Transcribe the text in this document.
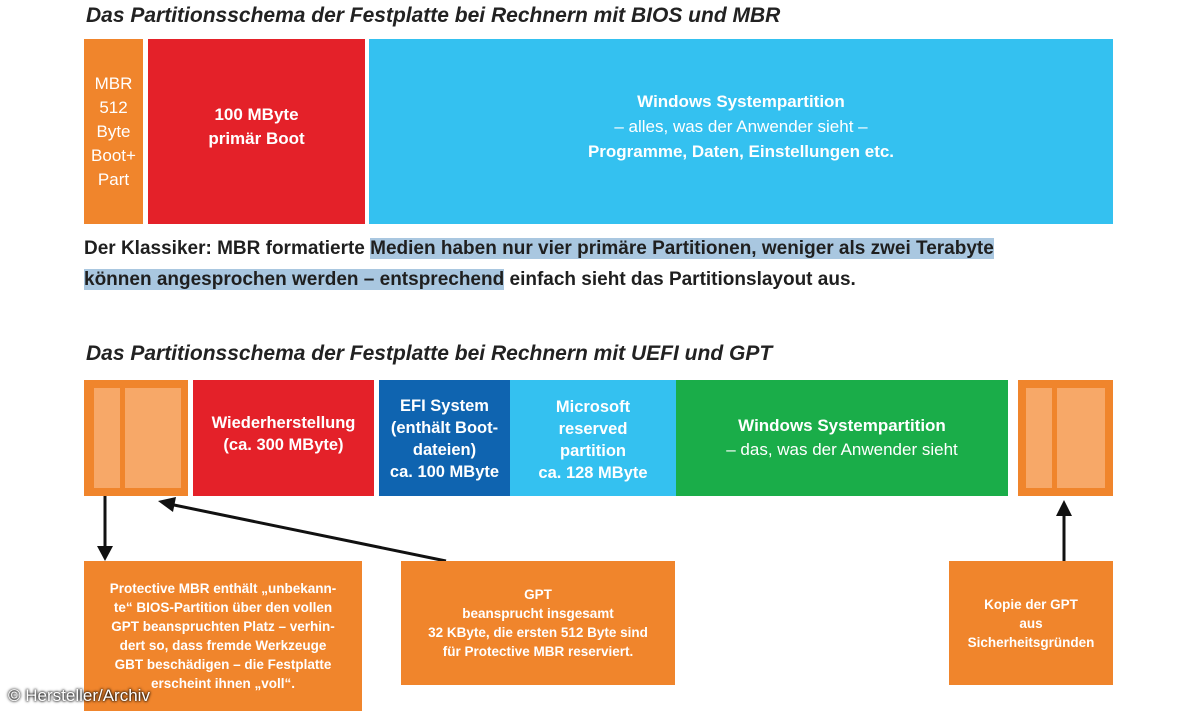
Das Partitionsschema der Festplatte bei Rechnern mit BIOS und MBR
MBR
512
Byte
Boot+
Part
100 MByte
primär Boot
Windows Systempartition
– alles, was der Anwender sieht –
Programme, Daten, Einstellungen etc.
Der Klassiker: MBR formatierte Medien haben nur vier primäre Partitionen, weniger als zwei Terabyte
können angesprochen werden – entsprechend einfach sieht das Partitionslayout aus.
Das Partitionsschema der Festplatte bei Rechnern mit UEFI und GPT
Wiederherstellung
(ca. 300 MByte)
EFI System
(enthält Boot-
dateien)
ca. 100 MByte
Microsoft
reserved
partition
ca. 128 MByte
Windows Systempartition
– das, was der Anwender sieht
Protective MBR enthält „unbekann-
te“ BIOS-Partition über den vollen
GPT beanspruchten Platz – verhin-
dert so, dass fremde Werkzeuge
GBT beschädigen – die Festplatte
erscheint ihnen „voll“.
GPT
beansprucht insgesamt
32 KByte, die ersten 512 Byte sind
für Protective MBR reserviert.
Kopie der GPT
aus
Sicherheitsgründen
© Hersteller/Archiv
